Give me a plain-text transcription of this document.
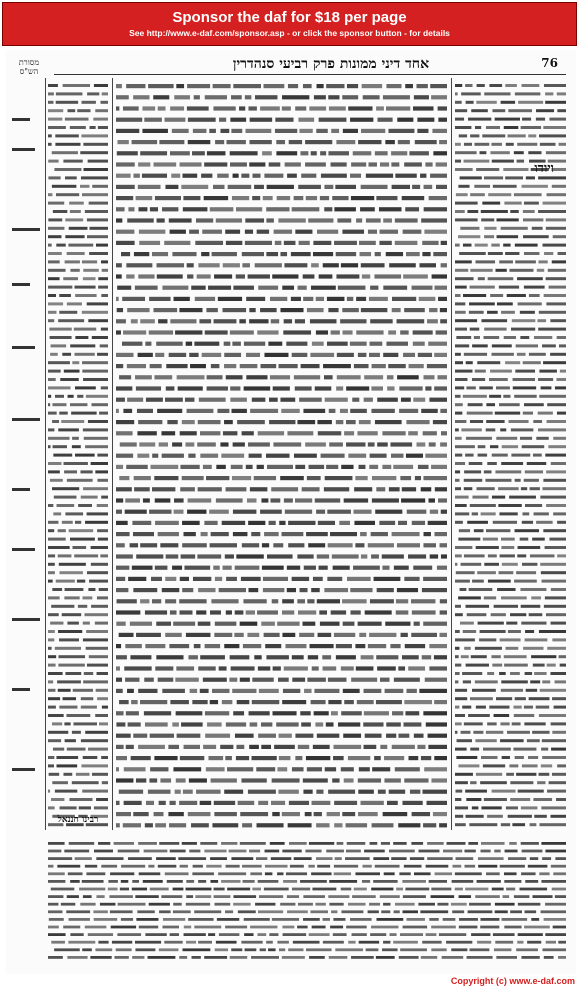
Sponsor the daf for $18 per page
See http://www.e-daf.com/sponsor.asp - or click the sponsor button - for details
76
אחד דיני ממונות פרק רביעי סנהדרין
מסורת הש"ס
ויודו
רבינו חננאל
Copyright (c) www.e-daf.com
